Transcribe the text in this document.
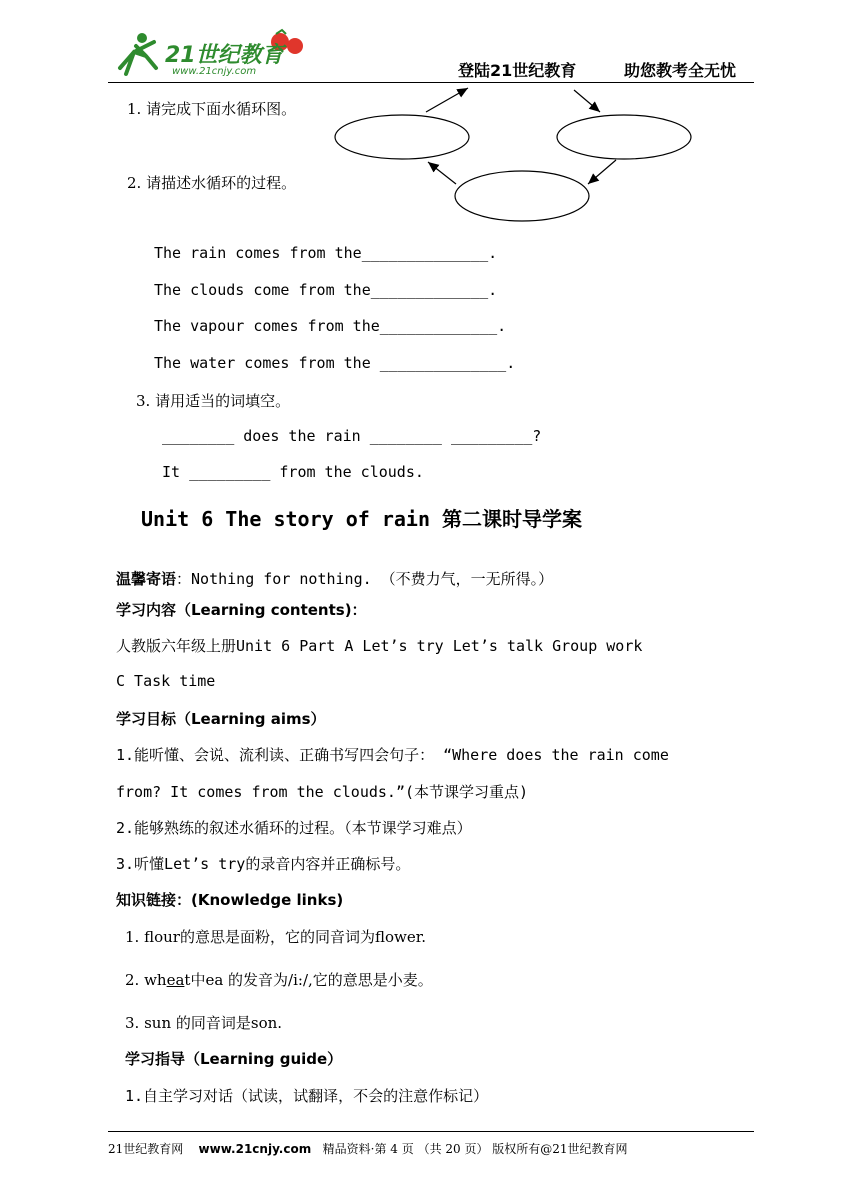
21世纪教育
www.21cnjy.com	登陆21世纪教育	助您教考全无忧
1. 请完成下面水循环图。
2. 请描述水循环的过程。
The rain comes from the______________.
The clouds come from the_____________.
The vapour comes from the_____________.
The water comes from the ______________.
3. 请用适当的词填空。
________ does the rain ________ _________?
It _________ from the clouds.
Unit 6 The story of rain 第二课时导学案
温馨寄语：Nothing for nothing. （不费力气，一无所得。）
学习内容（Learning contents)：
人教版六年级上册Unit 6 Part A Let’s try Let’s talk Group work
C Task time
学习目标（Learning aims）
1.能听懂、会说、流利读、正确书写四会句子： “Where does the rain come
from? It comes from the clouds.”(本节课学习重点)
2.能够熟练的叙述水循环的过程。（本节课学习难点）
3.听懂Let’s try的录音内容并正确标号。
知识链接：(Knowledge links)
1. flour的意思是面粉，它的同音词为flower.
2. wheat中ea 的发音为/i:/,它的意思是小麦。
3. sun 的同音词是son.
学习指导（Learning guide）
1.自主学习对话（试读，试翻译，不会的注意作标记）
21世纪教育网 www.21cnjy.com 精品资料·第 4 页 （共 20 页） 版权所有@21世纪教育网
